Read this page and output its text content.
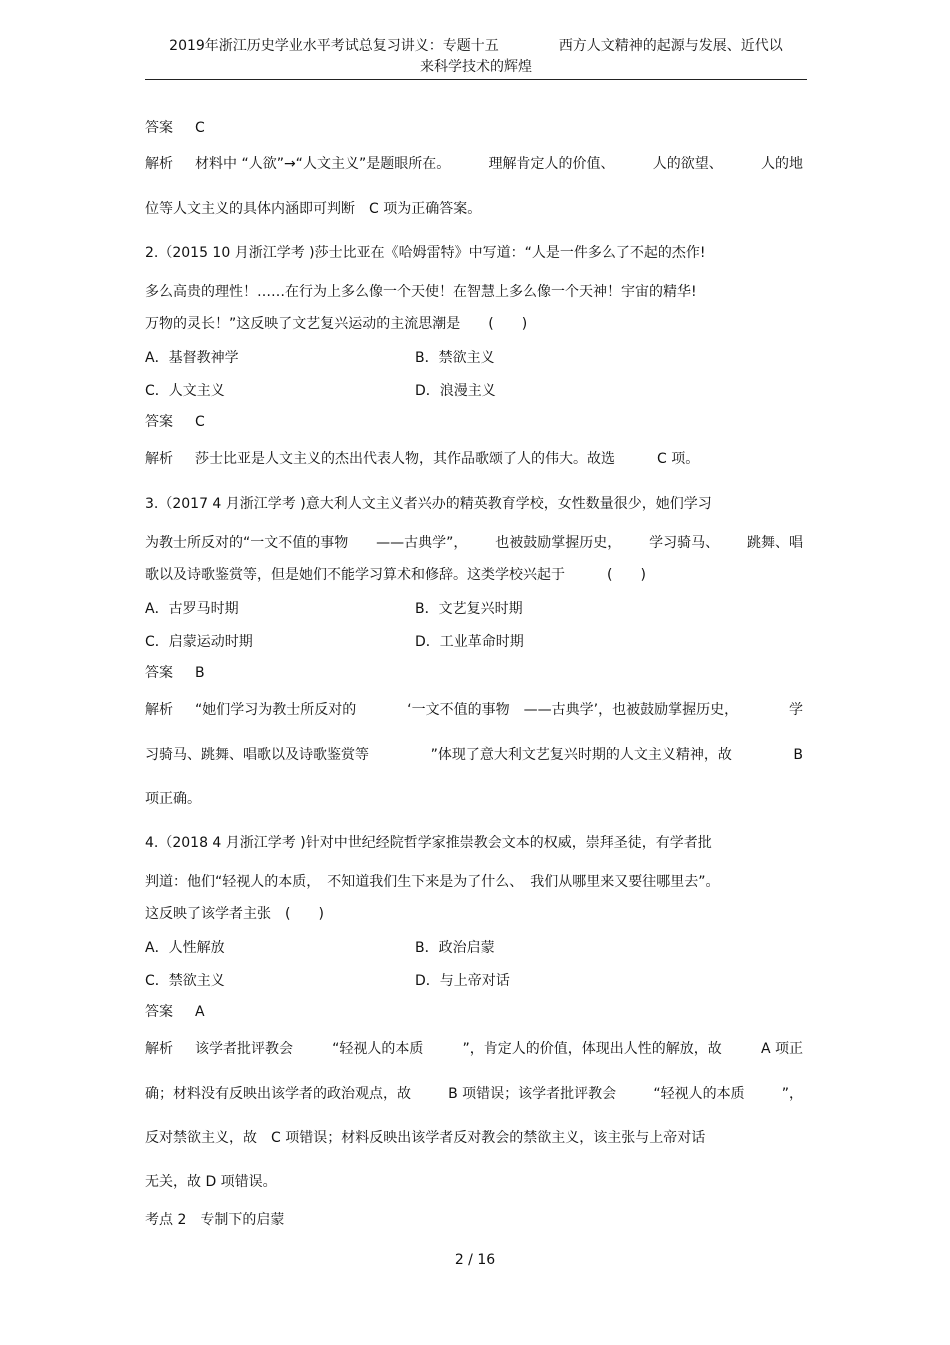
2019年浙江历史学业水平考试总复习讲义：专题十五	西方人文精神的起源与发展、近代以
来科学技术的辉煌
答案 C
解析 材料中 “人欲”→“人文主义”是题眼所在。	理解肯定人的价值、	人的欲望、	人的地
位等人文主义的具体内涵即可判断　C 项为正确答案。
2.（2015 10 月浙江学考 )莎士比亚在《哈姆雷特》中写道：“人是一件多么了不起的杰作!
多么高贵的理性！……在行为上多么像一个天使！在智慧上多么像一个天神！宇宙的精华!
万物的灵长！”这反映了文艺复兴运动的主流思潮是　　(　　)
A．基督教神学	B．禁欲主义
C．人文主义	D．浪漫主义
答案 C
解析 莎士比亚是人文主义的杰出代表人物，其作品歌颂了人的伟大。故选　　　C 项。
3.（2017 4 月浙江学考 )意大利人文主义者兴办的精英教育学校，女性数量很少，她们学习
为教士所反对的“一文不值的事物 ——古典学”， 也被鼓励掌握历史， 学习骑马、 跳舞、唱
歌以及诗歌鉴赏等，但是她们不能学习算术和修辞。这类学校兴起于　　　(　　)
A．古罗马时期	B．文艺复兴时期
C．启蒙运动时期	D．工业革命时期
答案 B
解析 “她们学习为教士所反对的	‘一文不值的事物　——古典学’，也被鼓励掌握历史，	学
习骑马、跳舞、唱歌以及诗歌鉴赏等	”体现了意大利文艺复兴时期的人文主义精神，故	B
项正确。
4.（2018 4 月浙江学考 )针对中世纪经院哲学家推崇教会文本的权威，崇拜圣徒，有学者批
判道：他们“轻视人的本质，　不知道我们生下来是为了什么、　我们从哪里来又要往哪里去”。
这反映了该学者主张　(　　)
A．人性解放	B．政治启蒙
C．禁欲主义	D．与上帝对话
答案 A
解析 该学者批评教会	“轻视人的本质	”，肯定人的价值，体现出人性的解放，故	A 项正
确；材料没有反映出该学者的政治观点，故	B 项错误；该学者批评教会	“轻视人的本质	”，
反对禁欲主义，故　C 项错误；材料反映出该学者反对教会的禁欲主义，该主张与上帝对话
无关，故 D 项错误。
考点 2　专制下的启蒙
2 / 16
